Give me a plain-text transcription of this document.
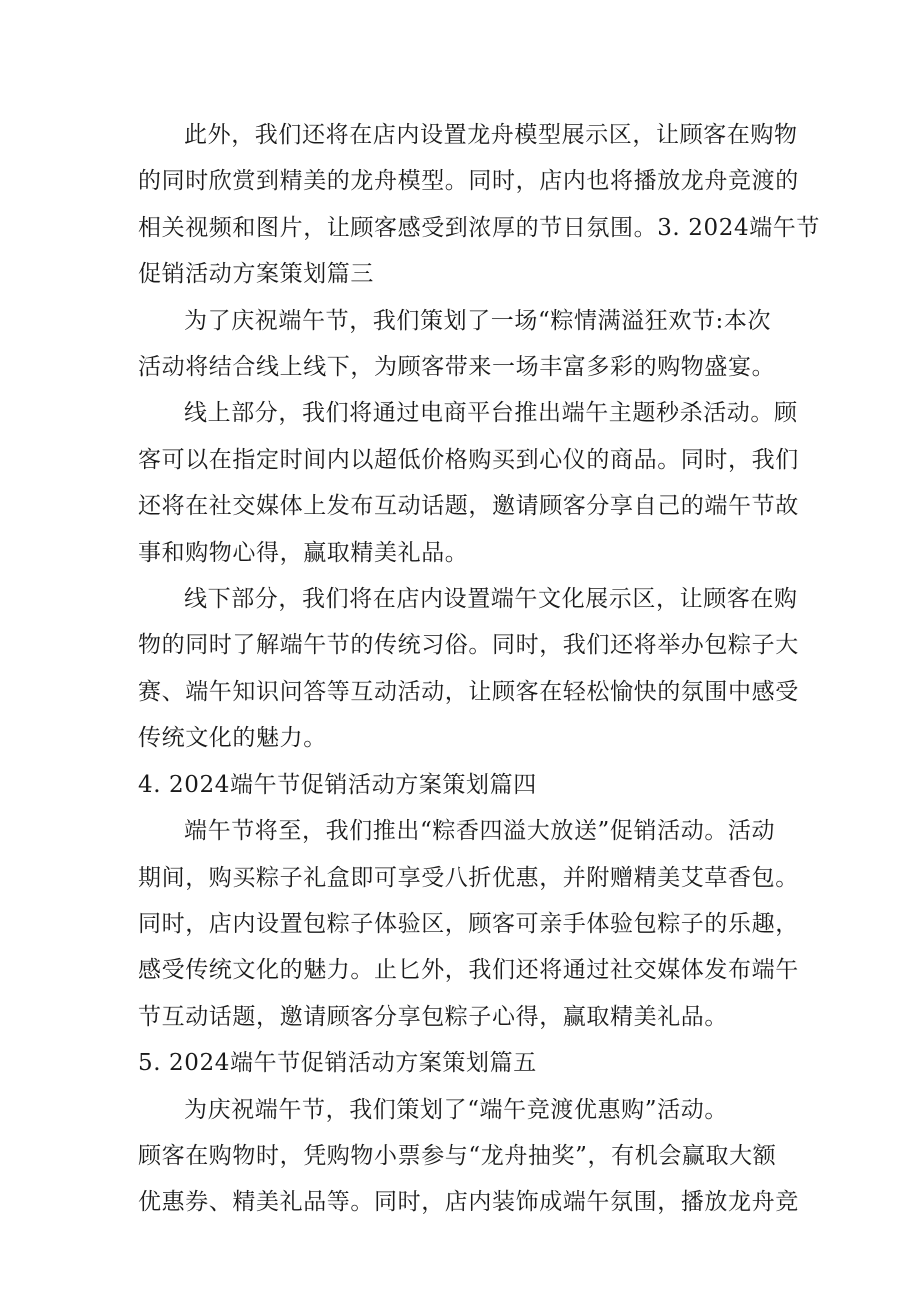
此外，我们还将在店内设置龙舟模型展示区，让顾客在购物
的同时欣赏到精美的龙舟模型。同时，店内也将播放龙舟竞渡的
相关视频和图片，让顾客感受到浓厚的节日氛围。3. 2024端午节
促销活动方案策划篇三

为了庆祝端午节，我们策划了一场“粽情满溢狂欢节:本次
活动将结合线上线下，为顾客带来一场丰富多彩的购物盛宴。

线上部分，我们将通过电商平台推出端午主题秒杀活动。顾
客可以在指定时间内以超低价格购买到心仪的商品。同时，我们
还将在社交媒体上发布互动话题，邀请顾客分享自己的端午节故
事和购物心得，赢取精美礼品。

线下部分，我们将在店内设置端午文化展示区，让顾客在购
物的同时了解端午节的传统习俗。同时，我们还将举办包粽子大
赛、端午知识问答等互动活动，让顾客在轻松愉快的氛围中感受
传统文化的魅力。

4. 2024端午节促销活动方案策划篇四

端午节将至，我们推出“粽香四溢大放送”促销活动。活动
期间，购买粽子礼盒即可享受八折优惠，并附赠精美艾草香包。
同时，店内设置包粽子体验区，顾客可亲手体验包粽子的乐趣，
感受传统文化的魅力。止匕外，我们还将通过社交媒体发布端午
节互动话题，邀请顾客分享包粽子心得，赢取精美礼品。

5. 2024端午节促销活动方案策划篇五

为庆祝端午节，我们策划了“端午竞渡优惠购”活动。

顾客在购物时，凭购物小票参与“龙舟抽奖”，有机会赢取大额
优惠券、精美礼品等。同时，店内装饰成端午氛围，播放龙舟竞
